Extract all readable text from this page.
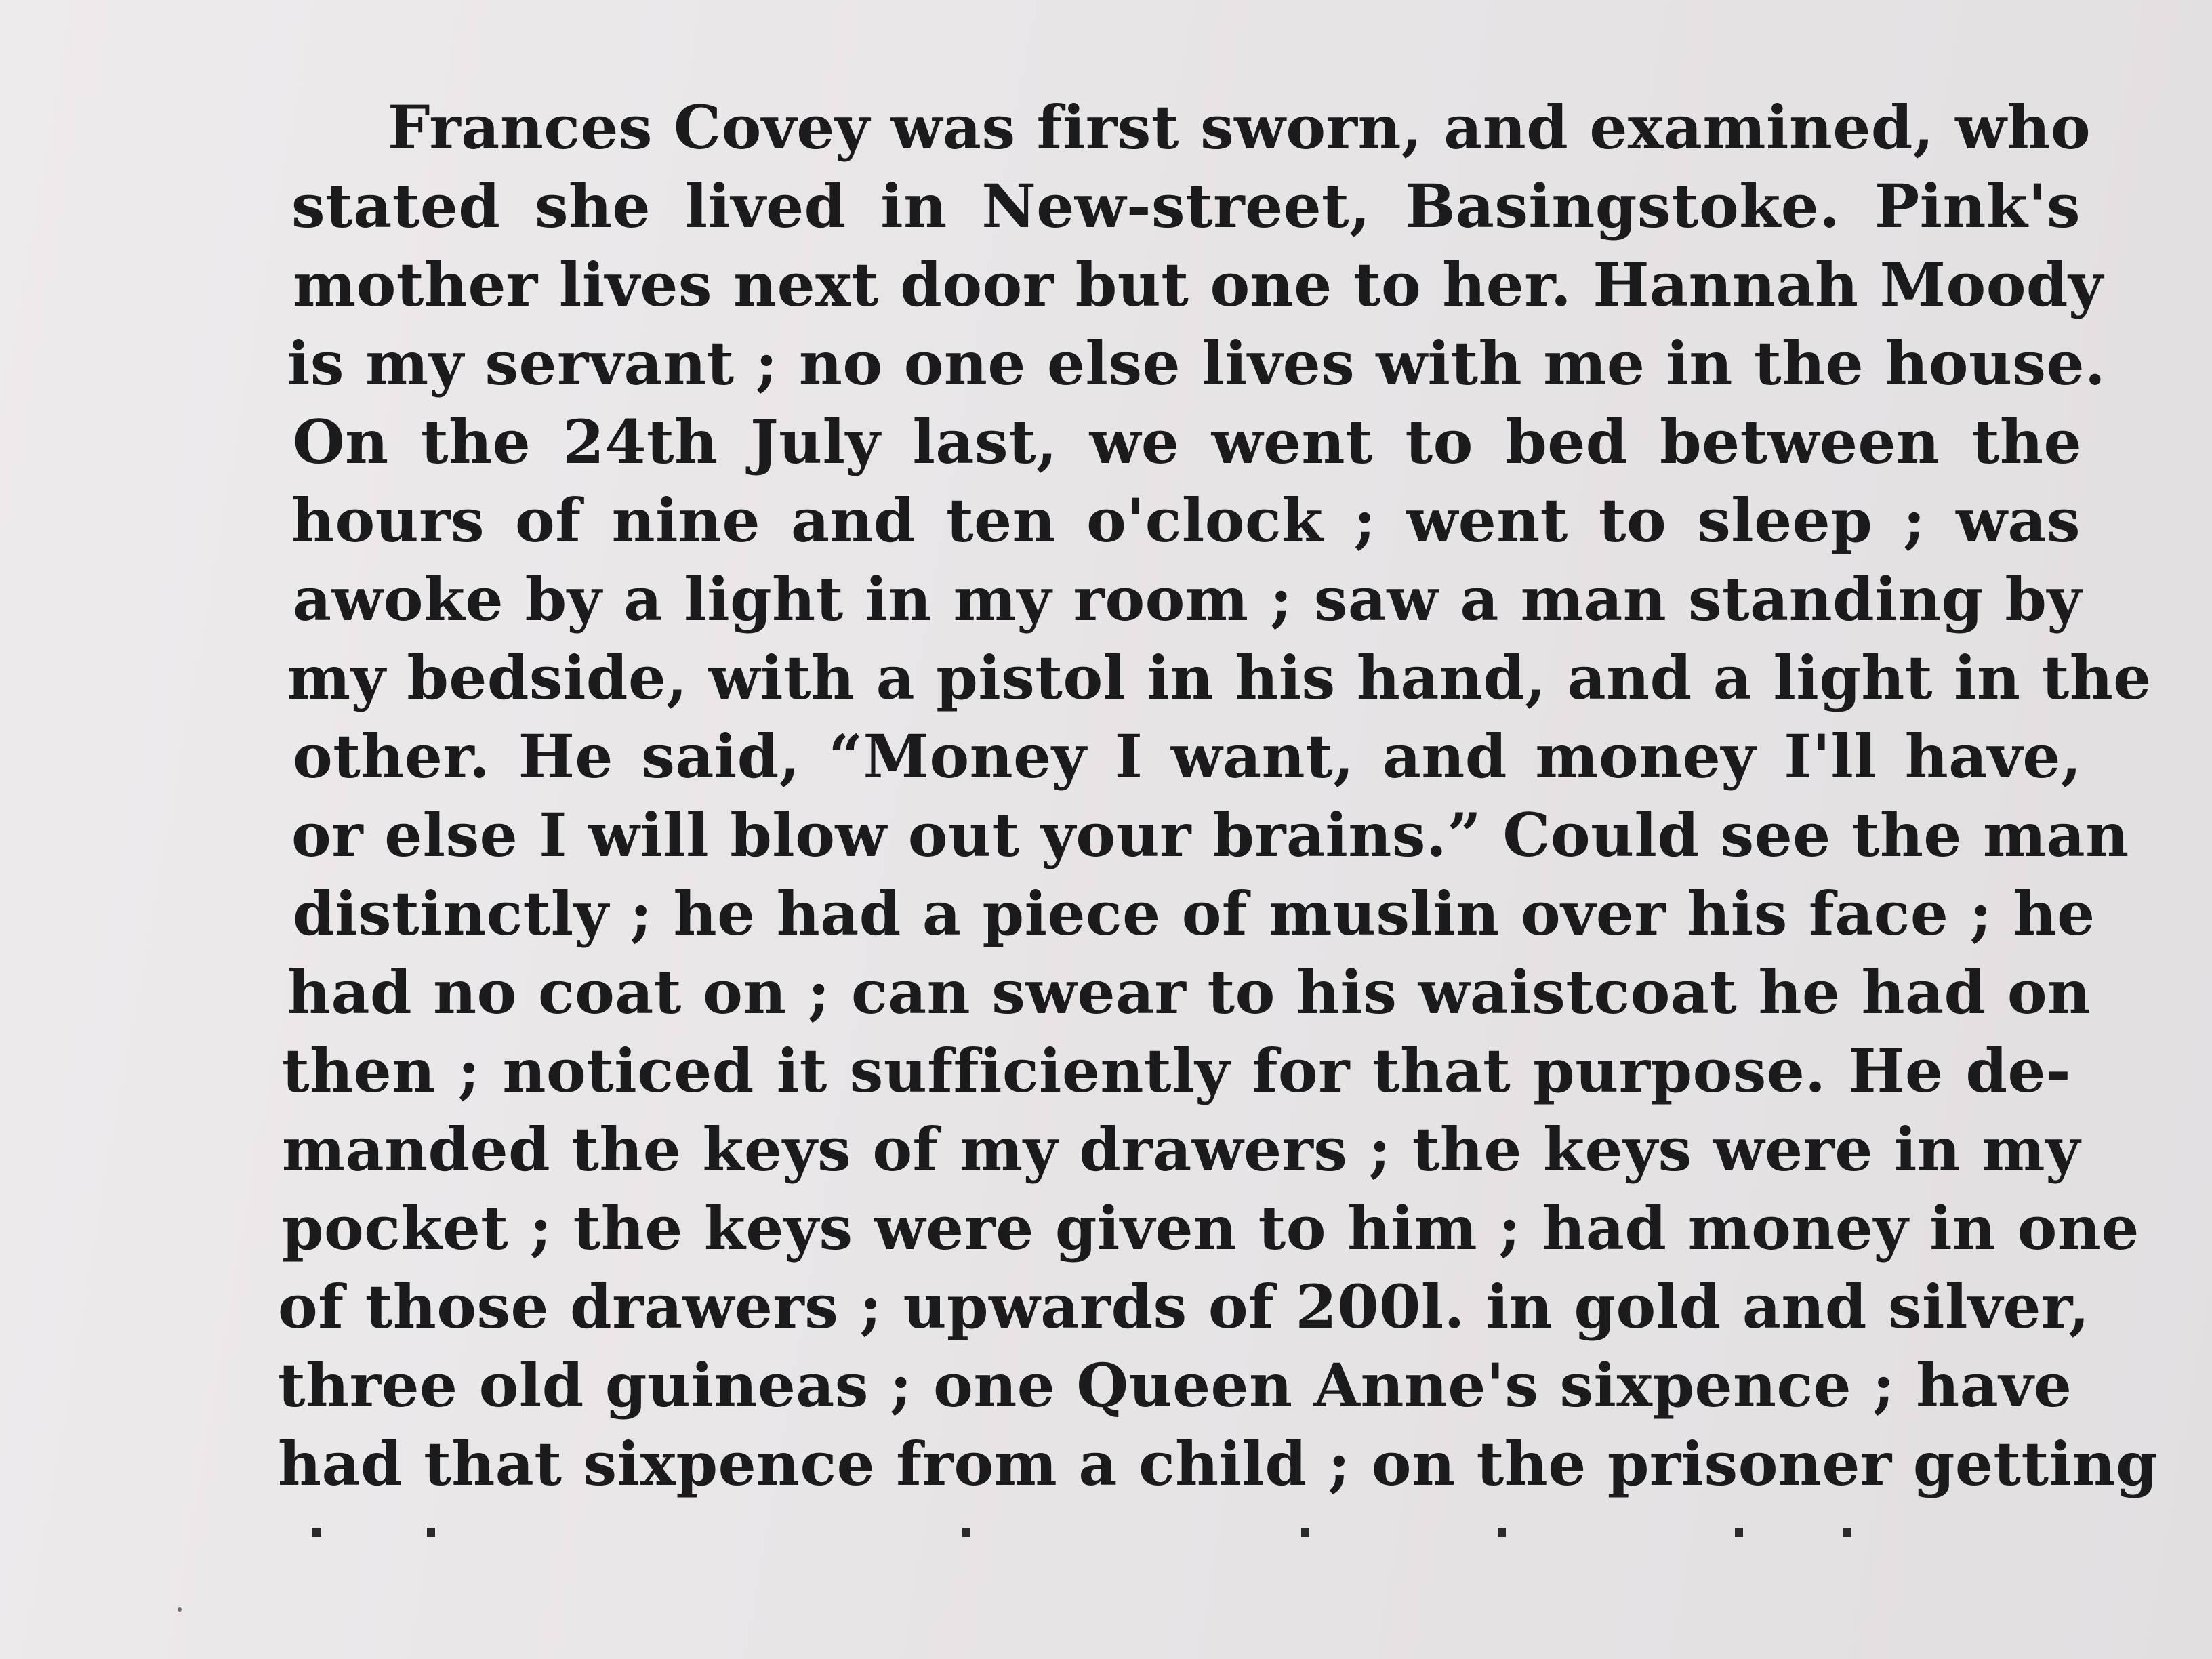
Frances Covey was first sworn, and examined, who
stated she lived in New-street, Basingstoke. Pink's
mother lives next door but one to her. Hannah Moody
is my servant ; no one else lives with me in the house.
On the 24th July last, we went to bed between the
hours of nine and ten o'clock ; went to sleep ; was
awoke by a light in my room ; saw a man standing by
my bedside, with a pistol in his hand, and a light in the
other. He said, “Money I want, and money I'll have,
or else I will blow out your brains.” Could see the man
distinctly ; he had a piece of muslin over his face ; he
had no coat on ; can swear to his waistcoat he had on
then ; noticed it sufficiently for that purpose. He de-
manded the keys of my drawers ; the keys were in my
pocket ; the keys were given to him ; had money in one
of those drawers ; upwards of 200l. in gold and silver,
three old guineas ; one Queen Anne's sixpence ; have
had that sixpence from a child ; on the prisoner getting
